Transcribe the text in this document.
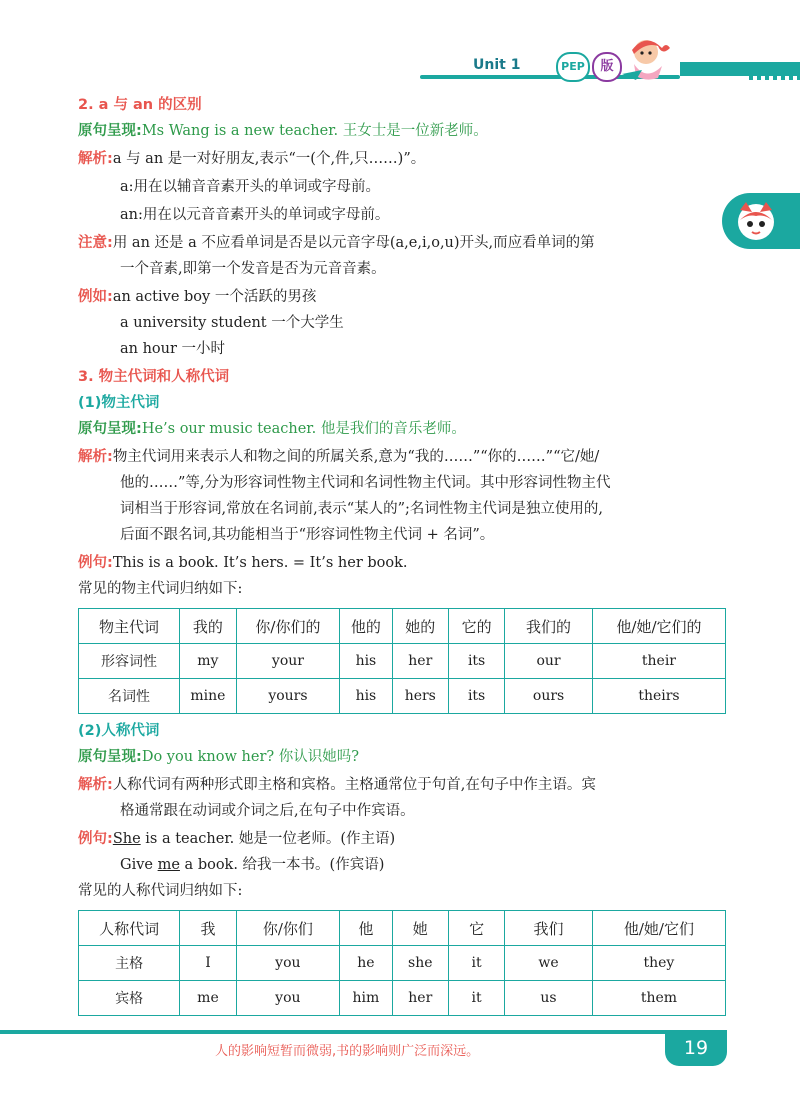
Unit 1	PEP	版
2. a 与 an 的区别
原句呈现:Ms Wang is a new teacher. 王女士是一位新老师。
解析:a 与 an 是一对好朋友,表示“一(个,件,只……)”。
a:用在以辅音音素开头的单词或字母前。
an:用在以元音音素开头的单词或字母前。
注意:用 an 还是 a 不应看单词是否是以元音字母(a,e,i,o,u)开头,而应看单词的第
一个音素,即第一个发音是否为元音音素。
例如:an active boy 一个活跃的男孩
a university student 一个大学生
an hour 一小时
3. 物主代词和人称代词
(1)物主代词
原句呈现:He’s our music teacher. 他是我们的音乐老师。
解析:物主代词用来表示人和物之间的所属关系,意为“我的……”“你的……”“它/她/
他的……”等,分为形容词性物主代词和名词性物主代词。其中形容词性物主代
词相当于形容词,常放在名词前,表示“某人的”;名词性物主代词是独立使用的,
后面不跟名词,其功能相当于“形容词性物主代词 + 名词”。
例句:This is a book. It’s hers. = It’s her book.
常见的物主代词归纳如下:
物主代词	我的	你/你们的	他的	她的	它的	我们的	他/她/它们的
形容词性	my	your	his	her	its	our	their
名词性	mine	yours	his	hers	its	ours	theirs
(2)人称代词
原句呈现:Do you know her? 你认识她吗?
解析:人称代词有两种形式即主格和宾格。主格通常位于句首,在句子中作主语。宾
格通常跟在动词或介词之后,在句子中作宾语。
例句:She is a teacher. 她是一位老师。(作主语)
Give me a book. 给我一本书。(作宾语)
常见的人称代词归纳如下:
人称代词	我	你/你们	他	她	它	我们	他/她/它们
主格	I	you	he	she	it	we	they
宾格	me	you	him	her	it	us	them
人的影响短暂而微弱,书的影响则广泛而深远。	19
